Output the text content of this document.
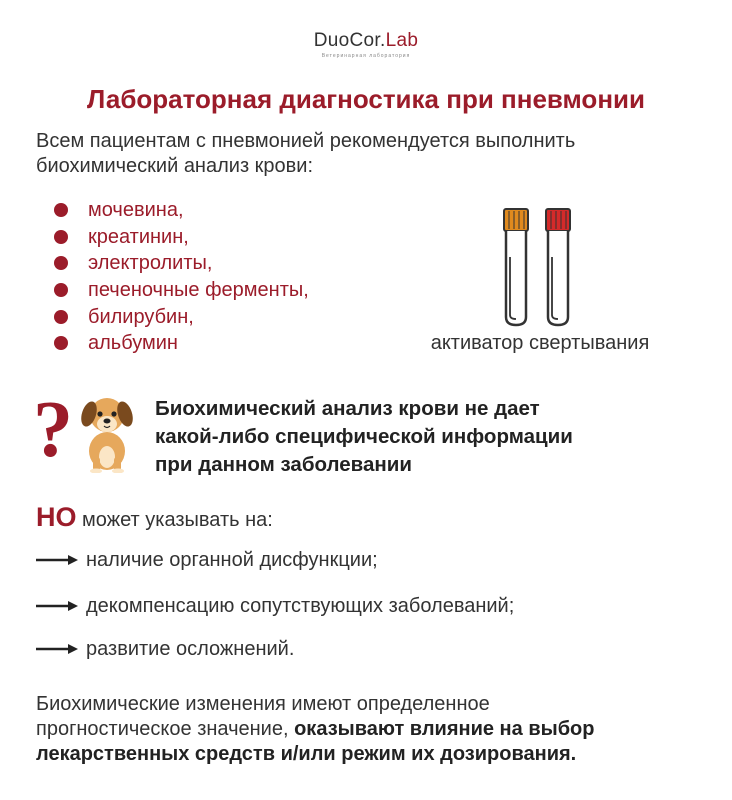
DuoCor.Lab
Ветеринарная лаборатория
Лабораторная диагностика при пневмонии
Всем пациентам с пневмонией рекомендуется выполнить
биохимический анализ крови:
мочевина,
креатинин,
электролиты,
печеночные ферменты,
билирубин,
альбумин	активатор свертывания
?	Биохимический анализ крови не дает
какой-либо специфической информации
при данном заболевании
НО может указывать на:
наличие органной дисфункции;
декомпенсацию сопутствующих заболеваний;
развитие осложнений.
Биохимические изменения имеют определенное
прогностическое значение, оказывают влияние на выбор
лекарственных средств и/или режим их дозирования.
